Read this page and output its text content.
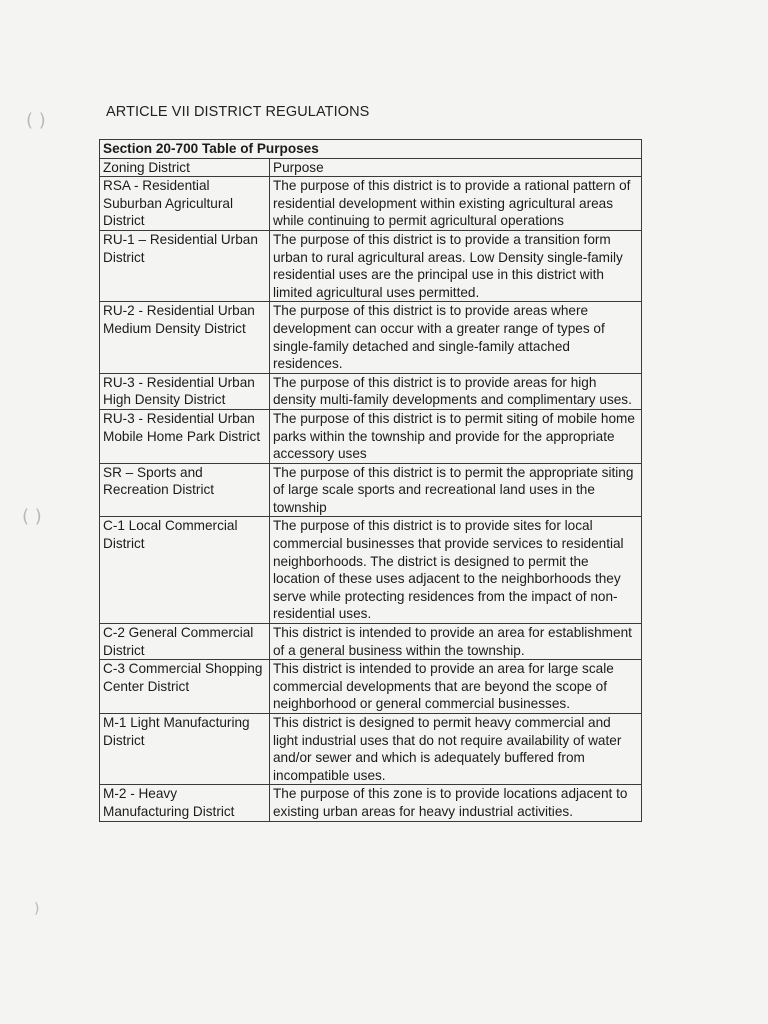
( )
( )
)
ARTICLE VII DISTRICT REGULATIONS
Section 20-700 Table of Purposes	
Zoning District	Purpose
RSA - Residential Suburban Agricultural District	The purpose of this district is to provide a rational pattern of residential development within existing agricultural areas while continuing to permit agricultural operations
RU-1 – Residential Urban District	The purpose of this district is to provide a transition form urban to rural agricultural areas. Low Density single-family residential uses are the principal use in this district with limited agricultural uses permitted.
RU-2 - Residential Urban Medium Density District	The purpose of this district is to provide areas where development can occur with a greater range of types of single-family detached and single-family attached residences.
RU-3 - Residential Urban High Density District	The purpose of this district is to provide areas for high density multi-family developments and complimentary uses.
RU-3 - Residential Urban Mobile Home Park District	The purpose of this district is to permit siting of mobile home parks within the township and provide for the appropriate accessory uses
SR – Sports and Recreation District	The purpose of this district is to permit the appropriate siting of large scale sports and recreational land uses in the township
C-1 Local Commercial District	The purpose of this district is to provide sites for local commercial businesses that provide services to residential neighborhoods. The district is designed to permit the location of these uses adjacent to the neighborhoods they serve while protecting residences from the impact of non-residential uses.
C-2 General Commercial District	This district is intended to provide an area for establishment of a general business within the township.
C-3 Commercial Shopping Center District	This district is intended to provide an area for large scale commercial developments that are beyond the scope of neighborhood or general commercial businesses.
M-1 Light Manufacturing District	This district is designed to permit heavy commercial and light industrial uses that do not require availability of water and/or sewer and which is adequately buffered from incompatible uses.
M-2 - Heavy Manufacturing District	The purpose of this zone is to provide locations adjacent to existing urban areas for heavy industrial activities.
